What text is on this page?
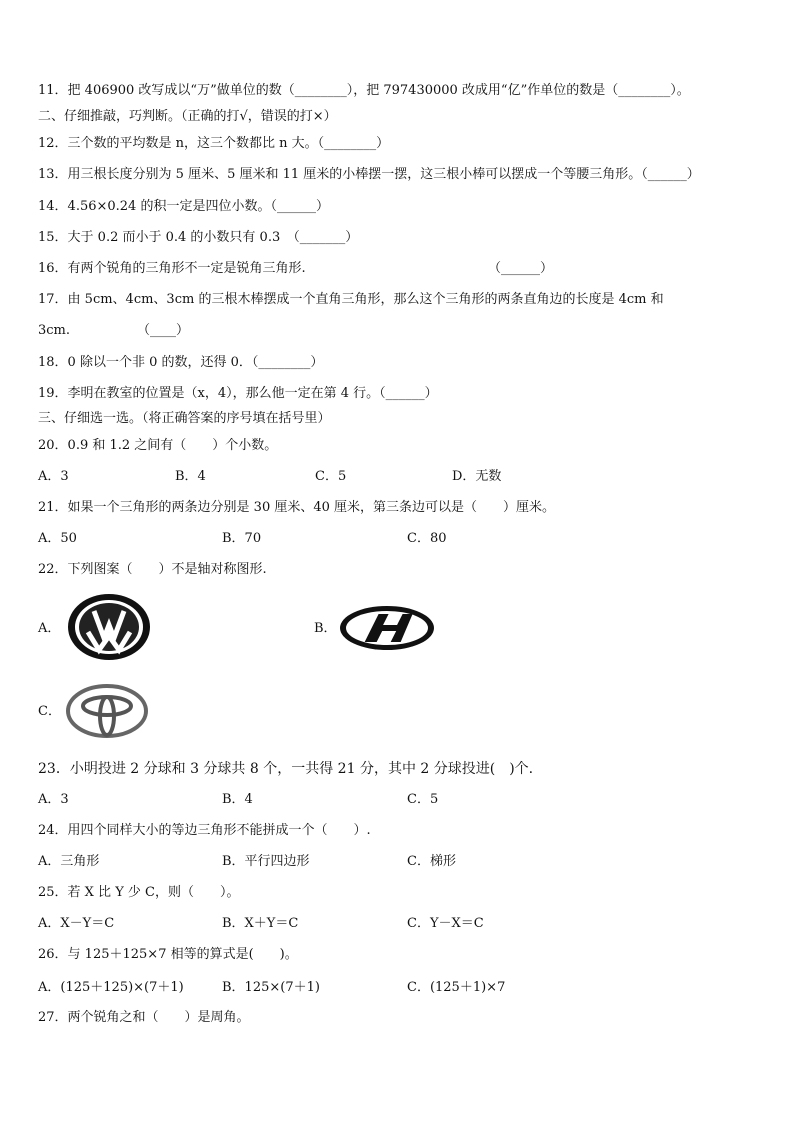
11．把 406900 改写成以“万”做单位的数（________），把 797430000 改成用“亿”作单位的数是（________）。
二、仔细推敲，巧判断。（正确的打√，错误的打×）
12．三个数的平均数是 n，这三个数都比 n 大。（________）
13．用三根长度分别为 5 厘米、5 厘米和 11 厘米的小棒摆一摆，这三根小棒可以摆成一个等腰三角形。（______）
14．4.56×0.24 的积一定是四位小数。（______）
15．大于 0.2 而小于 0.4 的小数只有 0.3　（_______）
16．有两个锐角的三角形不一定是锐角三角形.	（______）
17．由 5cm、4cm、3cm 的三根木棒摆成一个直角三角形，那么这个三角形的两条直角边的长度是 4cm 和
3cm.	（____）
18．0 除以一个非 0 的数，还得 0．（________）
19．李明在教室的位置是（x，4），那么他一定在第 4 行。（______）
三、仔细选一选。（将正确答案的序号填在括号里）
20．0.9 和 1.2 之间有（　　）个小数。
A．3	B．4	C．5	D．无数
21．如果一个三角形的两条边分别是 30 厘米、40 厘米，第三条边可以是（　　）厘米。
A．50	B．70	C．80
22．下列图案（　　）不是轴对称图形.
A．	B．
C．
23．小明投进 2 分球和 3 分球共 8 个，一共得 21 分，其中 2 分球投进(　)个.
A．3	B．4	C．5
24．用四个同样大小的等边三角形不能拼成一个（　　）.
A．三角形	B．平行四边形	C．梯形
25．若 X 比 Y 少 C，则（　　）。
A．X－Y＝C	B．X＋Y＝C	C．Y－X＝C
26．与 125＋125×7 相等的算式是(　　)。
A．(125＋125)×(7＋1)	B．125×(7＋1)	C．(125＋1)×7
27．两个锐角之和（　　）是周角。
